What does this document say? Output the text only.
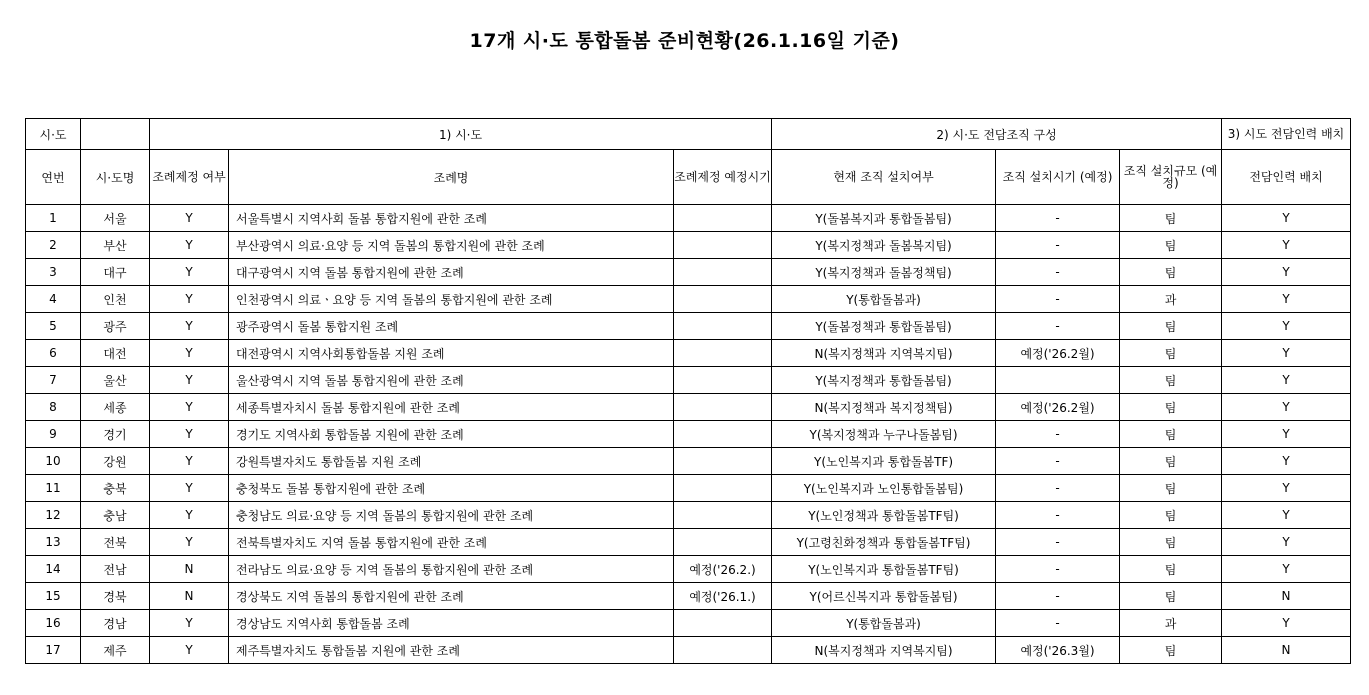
17개 시·도 통합돌봄 준비현황(26.1.16일 기준)
시·도		1) 시·도			2) 시·도 전담조직 구성			3) 시도 전담인력 배치
연번	시·도명	조례제정 여부	조례명	조례제정 예정시기	현재 조직 설치여부	조직 설치시기 (예정)	조직 설치규모 (예정)	전담인력 배치
1	서울	Y	서울특별시 지역사회 돌봄 통합지원에 관한 조례		Y(돌봄복지과 통합돌봄팀)	-	팀	Y
2	부산	Y	부산광역시 의료·요양 등 지역 돌봄의 통합지원에 관한 조례		Y(복지정책과 돌봄복지팀)	-	팀	Y
3	대구	Y	대구광역시 지역 돌봄 통합지원에 관한 조례		Y(복지정책과 돌봄정책팀)	-	팀	Y
4	인천	Y	인천광역시 의료ㆍ요양 등 지역 돌봄의 통합지원에 관한 조례		Y(통합돌봄과)	-	과	Y
5	광주	Y	광주광역시 돌봄 통합지원 조례		Y(돌봄정책과 통합돌봄팀)	-	팀	Y
6	대전	Y	대전광역시 지역사회통합돌봄 지원 조례		N(복지정책과 지역복지팀)	예정('26.2월)	팀	Y
7	울산	Y	울산광역시 지역 돌봄 통합지원에 관한 조례		Y(복지정책과 통합돌봄팀)		팀	Y
8	세종	Y	세종특별자치시 돌봄 통합지원에 관한 조례		N(복지정책과 복지정책팀)	예정('26.2월)	팀	Y
9	경기	Y	경기도 지역사회 통합돌봄 지원에 관한 조례		Y(복지정책과 누구나돌봄팀)	-	팀	Y
10	강원	Y	강원특별자치도 통합돌봄 지원 조례		Y(노인복지과 통합돌봄TF)	-	팀	Y
11	충북	Y	충청북도 돌봄 통합지원에 관한 조례		Y(노인복지과 노인통합돌봄팀)	-	팀	Y
12	충남	Y	충청남도 의료·요양 등 지역 돌봄의 통합지원에 관한 조례		Y(노인정책과 통합돌봄TF팀)	-	팀	Y
13	전북	Y	전북특별자치도 지역 돌봄 통합지원에 관한 조례		Y(고령친화정책과 통합돌봄TF팀)	-	팀	Y
14	전남	N	전라남도 의료·요양 등 지역 돌봄의 통합지원에 관한 조례	예정('26.2.)	Y(노인복지과 통합돌봄TF팀)	-	팀	Y
15	경북	N	경상북도 지역 돌봄의 통합지원에 관한 조례	예정('26.1.)	Y(어르신복지과 통합돌봄팀)	-	팀	N
16	경남	Y	경상남도 지역사회 통합돌봄 조례		Y(통합돌봄과)	-	과	Y
17	제주	Y	제주특별자치도 통합돌봄 지원에 관한 조례		N(복지정책과 지역복지팀)	예정('26.3월)	팀	N
